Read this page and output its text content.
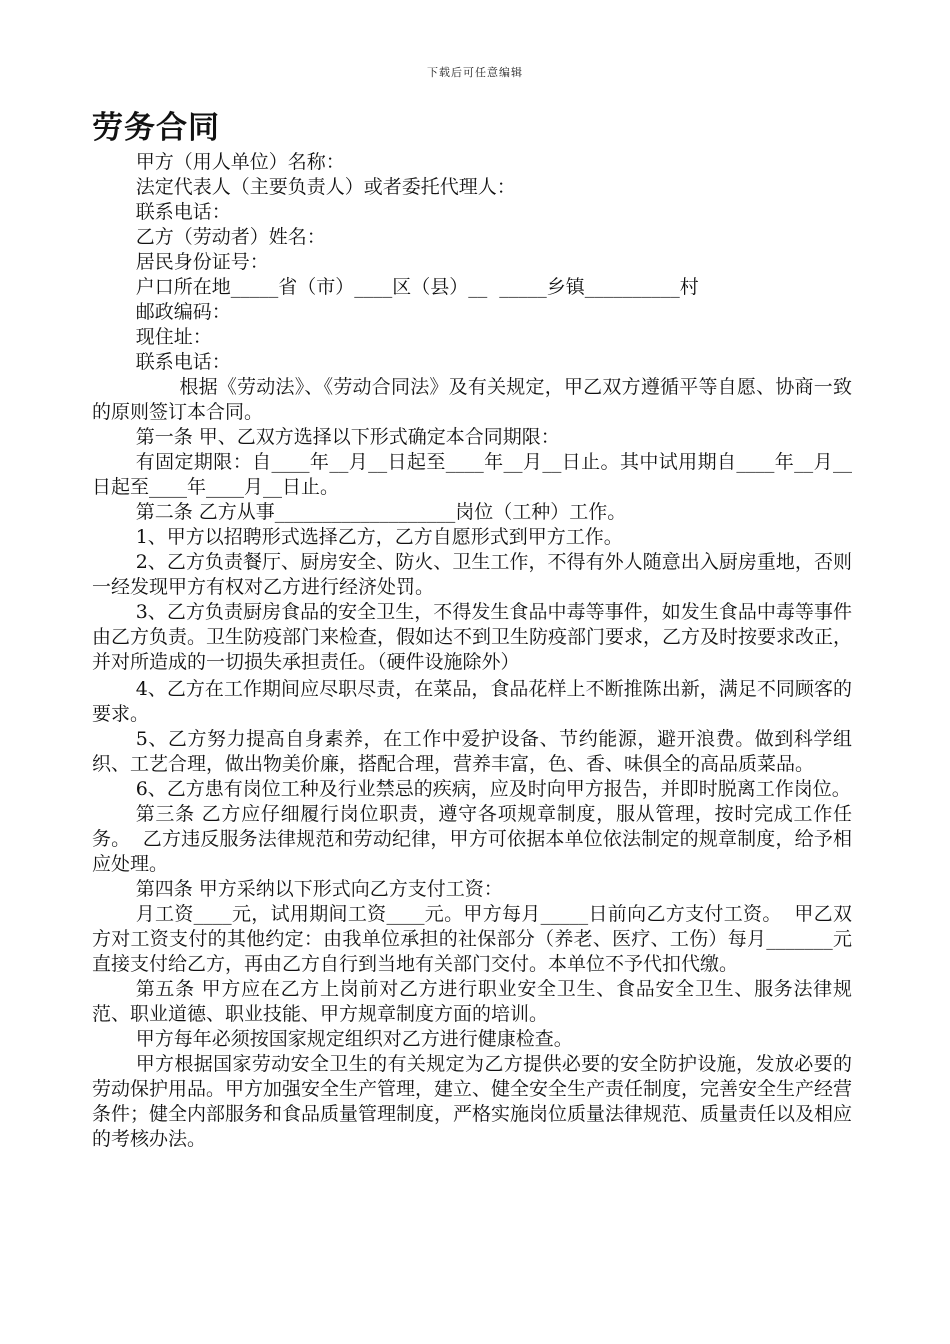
下载后可任意编辑
劳务合同

甲方（用人单位）名称：

法定代表人（主要负责人）或者委托代理人：

联系电话：

乙方（劳动者）姓名：

居民身份证号：

户口所在地_____省（市）____区（县）__  _____乡镇__________村

邮政编码：

现住址：

联系电话：

根据《劳动法》、《劳动合同法》及有关规定，甲乙双方遵循平等自愿、协商一致的原则签订本合同。

第一条 甲、乙双方选择以下形式确定本合同期限：

有固定期限：自____年__月__日起至____年__月__日止。其中试用期自____年__月__日起至____年____月__日止。

第二条 乙方从事___________________岗位（工种）工作。

1、甲方以招聘形式选择乙方，乙方自愿形式到甲方工作。

2、乙方负责餐厅、厨房安全、防火、卫生工作，不得有外人随意出入厨房重地，否则一经发现甲方有权对乙方进行经济处罚。

3、乙方负责厨房食品的安全卫生，不得发生食品中毒等事件，如发生食品中毒等事件由乙方负责。卫生防疫部门来检查，假如达不到卫生防疫部门要求，乙方及时按要求改正，并对所造成的一切损失承担责任。（硬件设施除外）

4、乙方在工作期间应尽职尽责，在菜品，食品花样上不断推陈出新，满足不同顾客的要求。

5、乙方努力提高自身素养，在工作中爱护设备、节约能源，避开浪费。做到科学组织、工艺合理，做出物美价廉，搭配合理，营养丰富，色、香、味俱全的高品质菜品。

6、乙方患有岗位工种及行业禁忌的疾病，应及时向甲方报告，并即时脱离工作岗位。

第三条 乙方应仔细履行岗位职责，遵守各项规章制度，服从管理，按时完成工作任务。  乙方违反服务法律规范和劳动纪律，甲方可依据本单位依法制定的规章制度，给予相应处理。

第四条 甲方采纳以下形式向乙方支付工资：

月工资____元，试用期间工资____元。甲方每月_____日前向乙方支付工资。  甲乙双方对工资支付的其他约定：由我单位承担的社保部分（养老、医疗、工伤）每月_______元直接支付给乙方，再由乙方自行到当地有关部门交付。本单位不予代扣代缴。

第五条 甲方应在乙方上岗前对乙方进行职业安全卫生、食品安全卫生、服务法律规范、职业道德、职业技能、甲方规章制度方面的培训。

甲方每年必须按国家规定组织对乙方进行健康检查。

甲方根据国家劳动安全卫生的有关规定为乙方提供必要的安全防护设施，发放必要的劳动保护用品。甲方加强安全生产管理，建立、健全安全生产责任制度，完善安全生产经营条件；健全内部服务和食品质量管理制度，严格实施岗位质量法律规范、质量责任以及相应的考核办法。
